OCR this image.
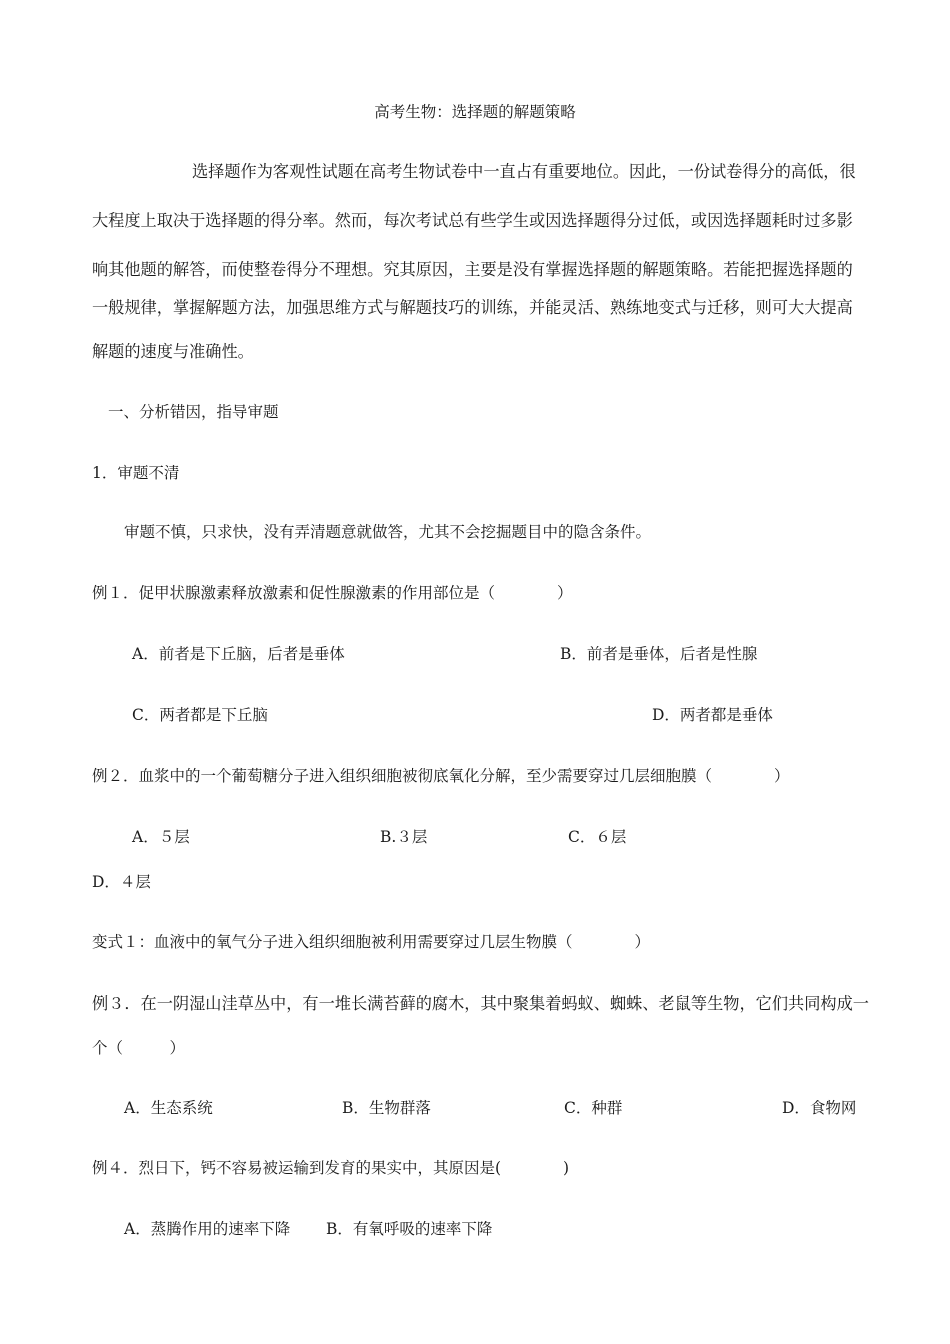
高考生物：选择题的解题策略
选择题作为客观性试题在高考生物试卷中一直占有重要地位。因此，一份试卷得分的高低，很
大程度上取决于选择题的得分率。然而，每次考试总有些学生或因选择题得分过低，或因选择题耗时过多影
响其他题的解答，而使整卷得分不理想。究其原因，主要是没有掌握选择题的解题策略。若能把握选择题的
一般规律，掌握解题方法，加强思维方式与解题技巧的训练，并能灵活、熟练地变式与迁移，则可大大提高
解题的速度与准确性。
一、分析错因，指导审题
1．审题不清
审题不慎，只求快，没有弄清题意就做答，尤其不会挖掘题目中的隐含条件。
例１．促甲状腺激素释放激素和促性腺激素的作用部位是（　　　　）
A．前者是下丘脑，后者是垂体	B．前者是垂体，后者是性腺
C．两者都是下丘脑	D．两者都是垂体
例２．血浆中的一个葡萄糖分子进入组织细胞被彻底氧化分解，至少需要穿过几层细胞膜（　　　　）
A．５层	B.３层	C．６层
D．４层
变式１：血液中的氧气分子进入组织细胞被利用需要穿过几层生物膜（　　　　）
例３．在一阴湿山洼草丛中，有一堆长满苔藓的腐木，其中聚集着蚂蚁、蜘蛛、老鼠等生物，它们共同构成一
个（　　　）
A．生态系统	B．生物群落	C．种群	D．食物网
例４．烈日下，钙不容易被运输到发育的果实中，其原因是(　　　　)
A．蒸腾作用的速率下降 B．有氧呼吸的速率下降
